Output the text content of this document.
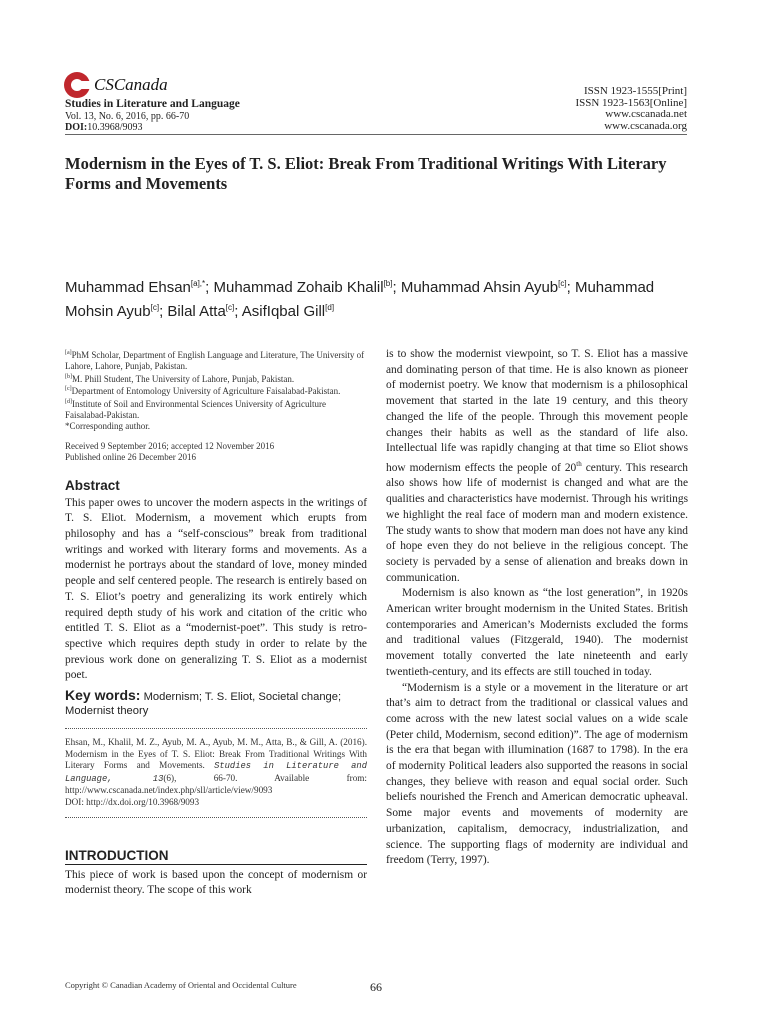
CSCanada
Studies in Literature and Language
Vol. 13, No. 6, 2016, pp. 66-70
DOI:10.3968/9093
ISSN 1923-1555[Print]
ISSN 1923-1563[Online]
www.cscanada.net
www.cscanada.org
Modernism in the Eyes of T. S. Eliot: Break From Traditional Writings With Literary Forms and Movements
Muhammad Ehsan$^{[a],*}$; Muhammad Zohaib Khalil[b]; Muhammad Ahsin Ayub[c]; Muhammad Mohsin Ayub[c]; Bilal Atta[c]; AsifIqbal Gill[d]

[a]PhM Scholar, Department of English Language and Literature, The University of Lahore, Lahore, Punjab, Pakistan.

[b]M. Phill Student, The University of Lahore, Punjab, Pakistan.

[c]Department of Entomology University of Agriculture Faisalabad-Pakistan.

[d]Institute of Soil and Environmental Sciences University of Agriculture Faisalabad-Pakistan.

*Corresponding author.

Received 9 September 2016; accepted 12 November 2016

Published online 26 December 2016

Abstract

This paper owes to uncover the modern aspects in the writings of T. S. Eliot. Modernism, a movement which erupts from philosophy and has a “self-conscious” break from traditional writings and worked with literary forms and movements. As a modernist he portrays about the standard of love, money minded people and self centered people. The research is entirely based on T. S. Eliot’s poetry and generalizing its work entirely which required depth study of his work and citation of the critic who entitled T. S. Eliot as a “modernist-poet”. This study is retro-spective which requires depth study in order to relate by the previous work done on generalizing T. S. Eliot as a modernist poet.

Key words: Modernism; T. S. Eliot, Societal change; Modernist theory
Ehsan, M., Khalil, M. Z., Ayub, M. A., Ayub, M. M., Atta, B., & Gill, A. (2016). Modernism in the Eyes of T. S. Eliot: Break From Traditional Writings With Literary Forms and Movements. Studies in Literature and Language, 13(6), 66-70. Available from: http://www.cscanada.net/index.php/sll/article/view/9093
DOI: http://dx.doi.org/10.3968/9093
INTRODUCTION

This piece of work is based upon the concept of modernism or modernist theory. The scope of this work

is to show the modernist viewpoint, so T. S. Eliot has a massive and dominating person of that time. He is also known as pioneer of modernist poetry. We know that modernism is a philosophical movement that started in the late 19 century, and this theory changed the life of the people. Through this movement people changes their habits as well as the standard of life also. Intellectual life was rapidly changing at that time so Eliot shows how modernism effects the people of 20th century. This research also shows how life of modernist is changed and what are the qualities and characteristics have modernist. Through his writings we highlight the real face of modern man and modern existence. The study wants to show that modern man does not have any kind of hope even they do not believe in the religious concept. The society is pervaded by a sense of alienation and breaks down in communication.

Modernism is also known as “the lost generation”, in 1920s American writer brought modernism in the United States. British contemporaries and American’s Modernists excluded the forms and traditional values (Fitzgerald, 1940). The modernist movement totally converted the late nineteenth and early twentieth-century, and its effects are still touched in today.

“Modernism is a style or a movement in the literature or art that’s aim to detract from the traditional or classical values and come across with the new latest social values on a wide scale (Peter child, Modernism, second edition)”. The age of modernism is the era that began with illumination (1687 to 1798). In the era of modernity Political leaders also supported the reasons in social changes, they believe with reason and equal social order. Such beliefs nourished the French and American democratic upheaval. Some major events and movements of modernity are urbanization, capitalism, democracy, industrialization, and science. The supporting flags of modernity are individual and freedom (Terry, 1997).

Copyright © Canadian Academy of Oriental and Occidental Culture	66
